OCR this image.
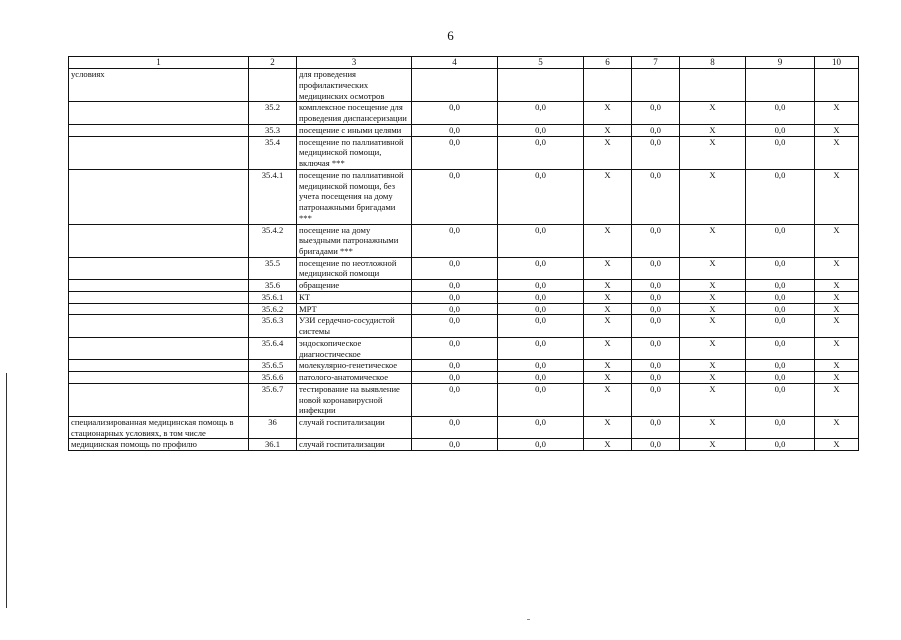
6
1	2	3	4	5	6	7	8	9	10
условиях		для проведения профилактических медицинских осмотров							
	35.2	комплексное посещение для проведения диспансеризации	0,0	0,0	X	0,0	X	0,0	X
	35.3	посещение с иными целями	0,0	0,0	X	0,0	X	0,0	X
	35.4	посещение по паллиативной медицинской помощи, включая ***	0,0	0,0	X	0,0	X	0,0	X
	35.4.1	посещение по паллиативной медицинской помощи, без учета посещения на дому патронажными бригадами ***	0,0	0,0	X	0,0	X	0,0	X
	35.4.2	посещение на дому выездными патронажными бригадами ***	0,0	0,0	X	0,0	X	0,0	X
	35.5	посещение по неотложной медицинской помощи	0,0	0,0	X	0,0	X	0,0	X
	35.6	обращение	0,0	0,0	X	0,0	X	0,0	X
	35.6.1	КТ	0,0	0,0	X	0,0	X	0,0	X
	35.6.2	МРТ	0,0	0,0	X	0,0	X	0,0	X
	35.6.3	УЗИ сердечно-сосудистой системы	0,0	0,0	X	0,0	X	0,0	X
	35.6.4	эндоскопическое диагностическое	0,0	0,0	X	0,0	X	0,0	X
	35.6.5	молекулярно-генетическое	0,0	0,0	X	0,0	X	0,0	X
	35.6.6	патолого-анатомическое	0,0	0,0	X	0,0	X	0,0	X
	35.6.7	тестирование на выявление новой коронавирусной инфекции	0,0	0,0	X	0,0	X	0,0	X
специализированная медицинская помощь в стационарных условиях, в том числе	36	случай госпитализации	0,0	0,0	X	0,0	X	0,0	X
медицинская помощь по профилю	36.1	случай госпитализации	0,0	0,0	X	0,0	X	0,0	X
